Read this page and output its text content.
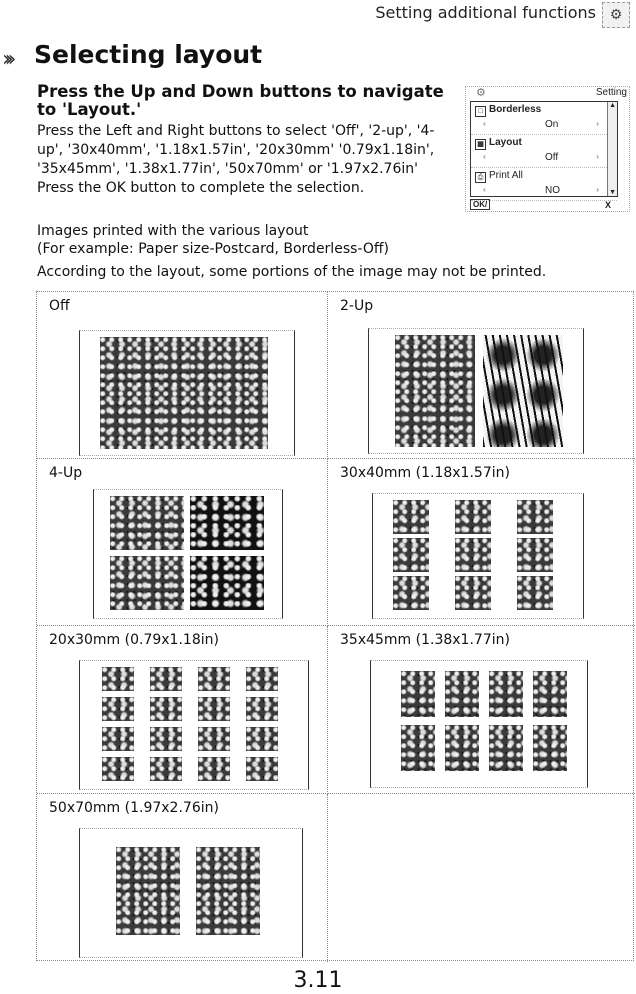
Setting additional functions ⚙
››› Selecting layout

Press the Up and Down buttons to navigate to 'Layout.'

Press the Left and Right buttons to select 'Off', '2-up', '4-up', '30x40mm', '1.18x1.57in', '20x30mm' '0.79x1.18in', '35x45mm', '1.38x1.77in', '50x70mm' or '1.97x2.76in' Press the OK button to complete the selection.

⚙	Setting
□ Borderless
‹	On	›
▦ Layout
‹	Off	›
⎙ Print All
‹	NO	›
▲
▼
OK/	X

Images printed with the various layout

(For example: Paper size-Postcard, Borderless-Off)

According to the layout, some portions of the image may not be printed.

Off	2-Up
4-Up	30x40mm (1.18x1.57in)
20x30mm (0.79x1.18in)	35x45mm (1.38x1.77in)
50x70mm (1.97x2.76in)
3.11
